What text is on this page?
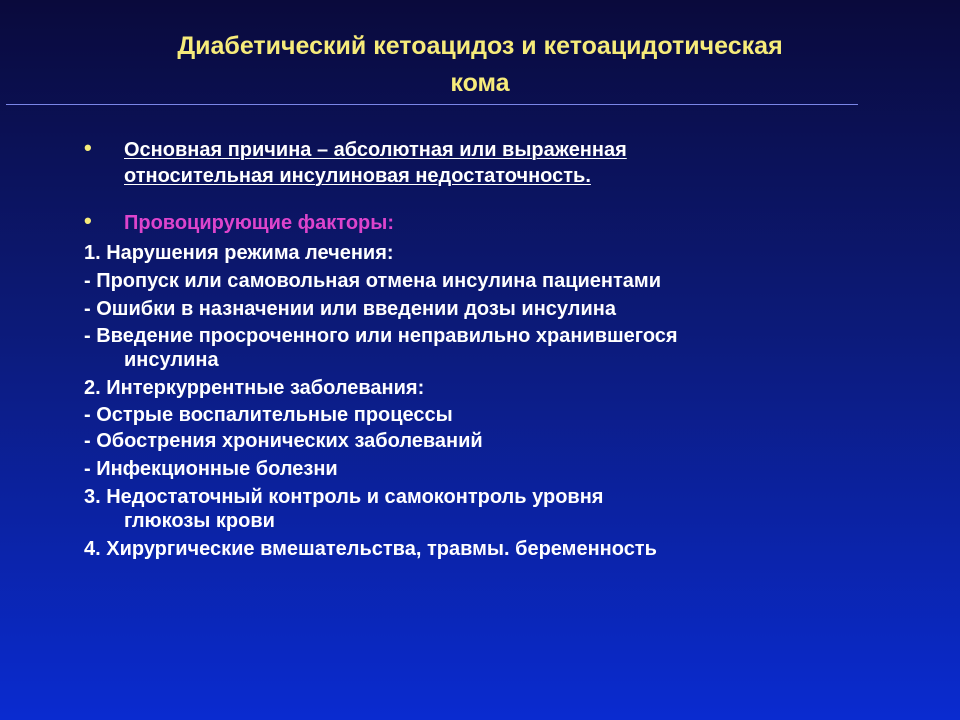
Диабетический кетоацидоз и кетоацидотическая
кома
• Основная причина – абсолютная или выраженная
относительная инсулиновая недостаточность.
• Провоцирующие факторы:
1. Нарушения режима лечения:
- Пропуск или самовольная отмена инсулина пациентами
- Ошибки в назначении или введении дозы инсулина
- Введение просроченного или неправильно хранившегося
инсулина
2. Интеркуррентные заболевания:
- Острые воспалительные процессы
- Обострения хронических заболеваний
- Инфекционные болезни
3. Недостаточный контроль и самоконтроль уровня
глюкозы крови
4. Хирургические вмешательства, травмы. беременность
